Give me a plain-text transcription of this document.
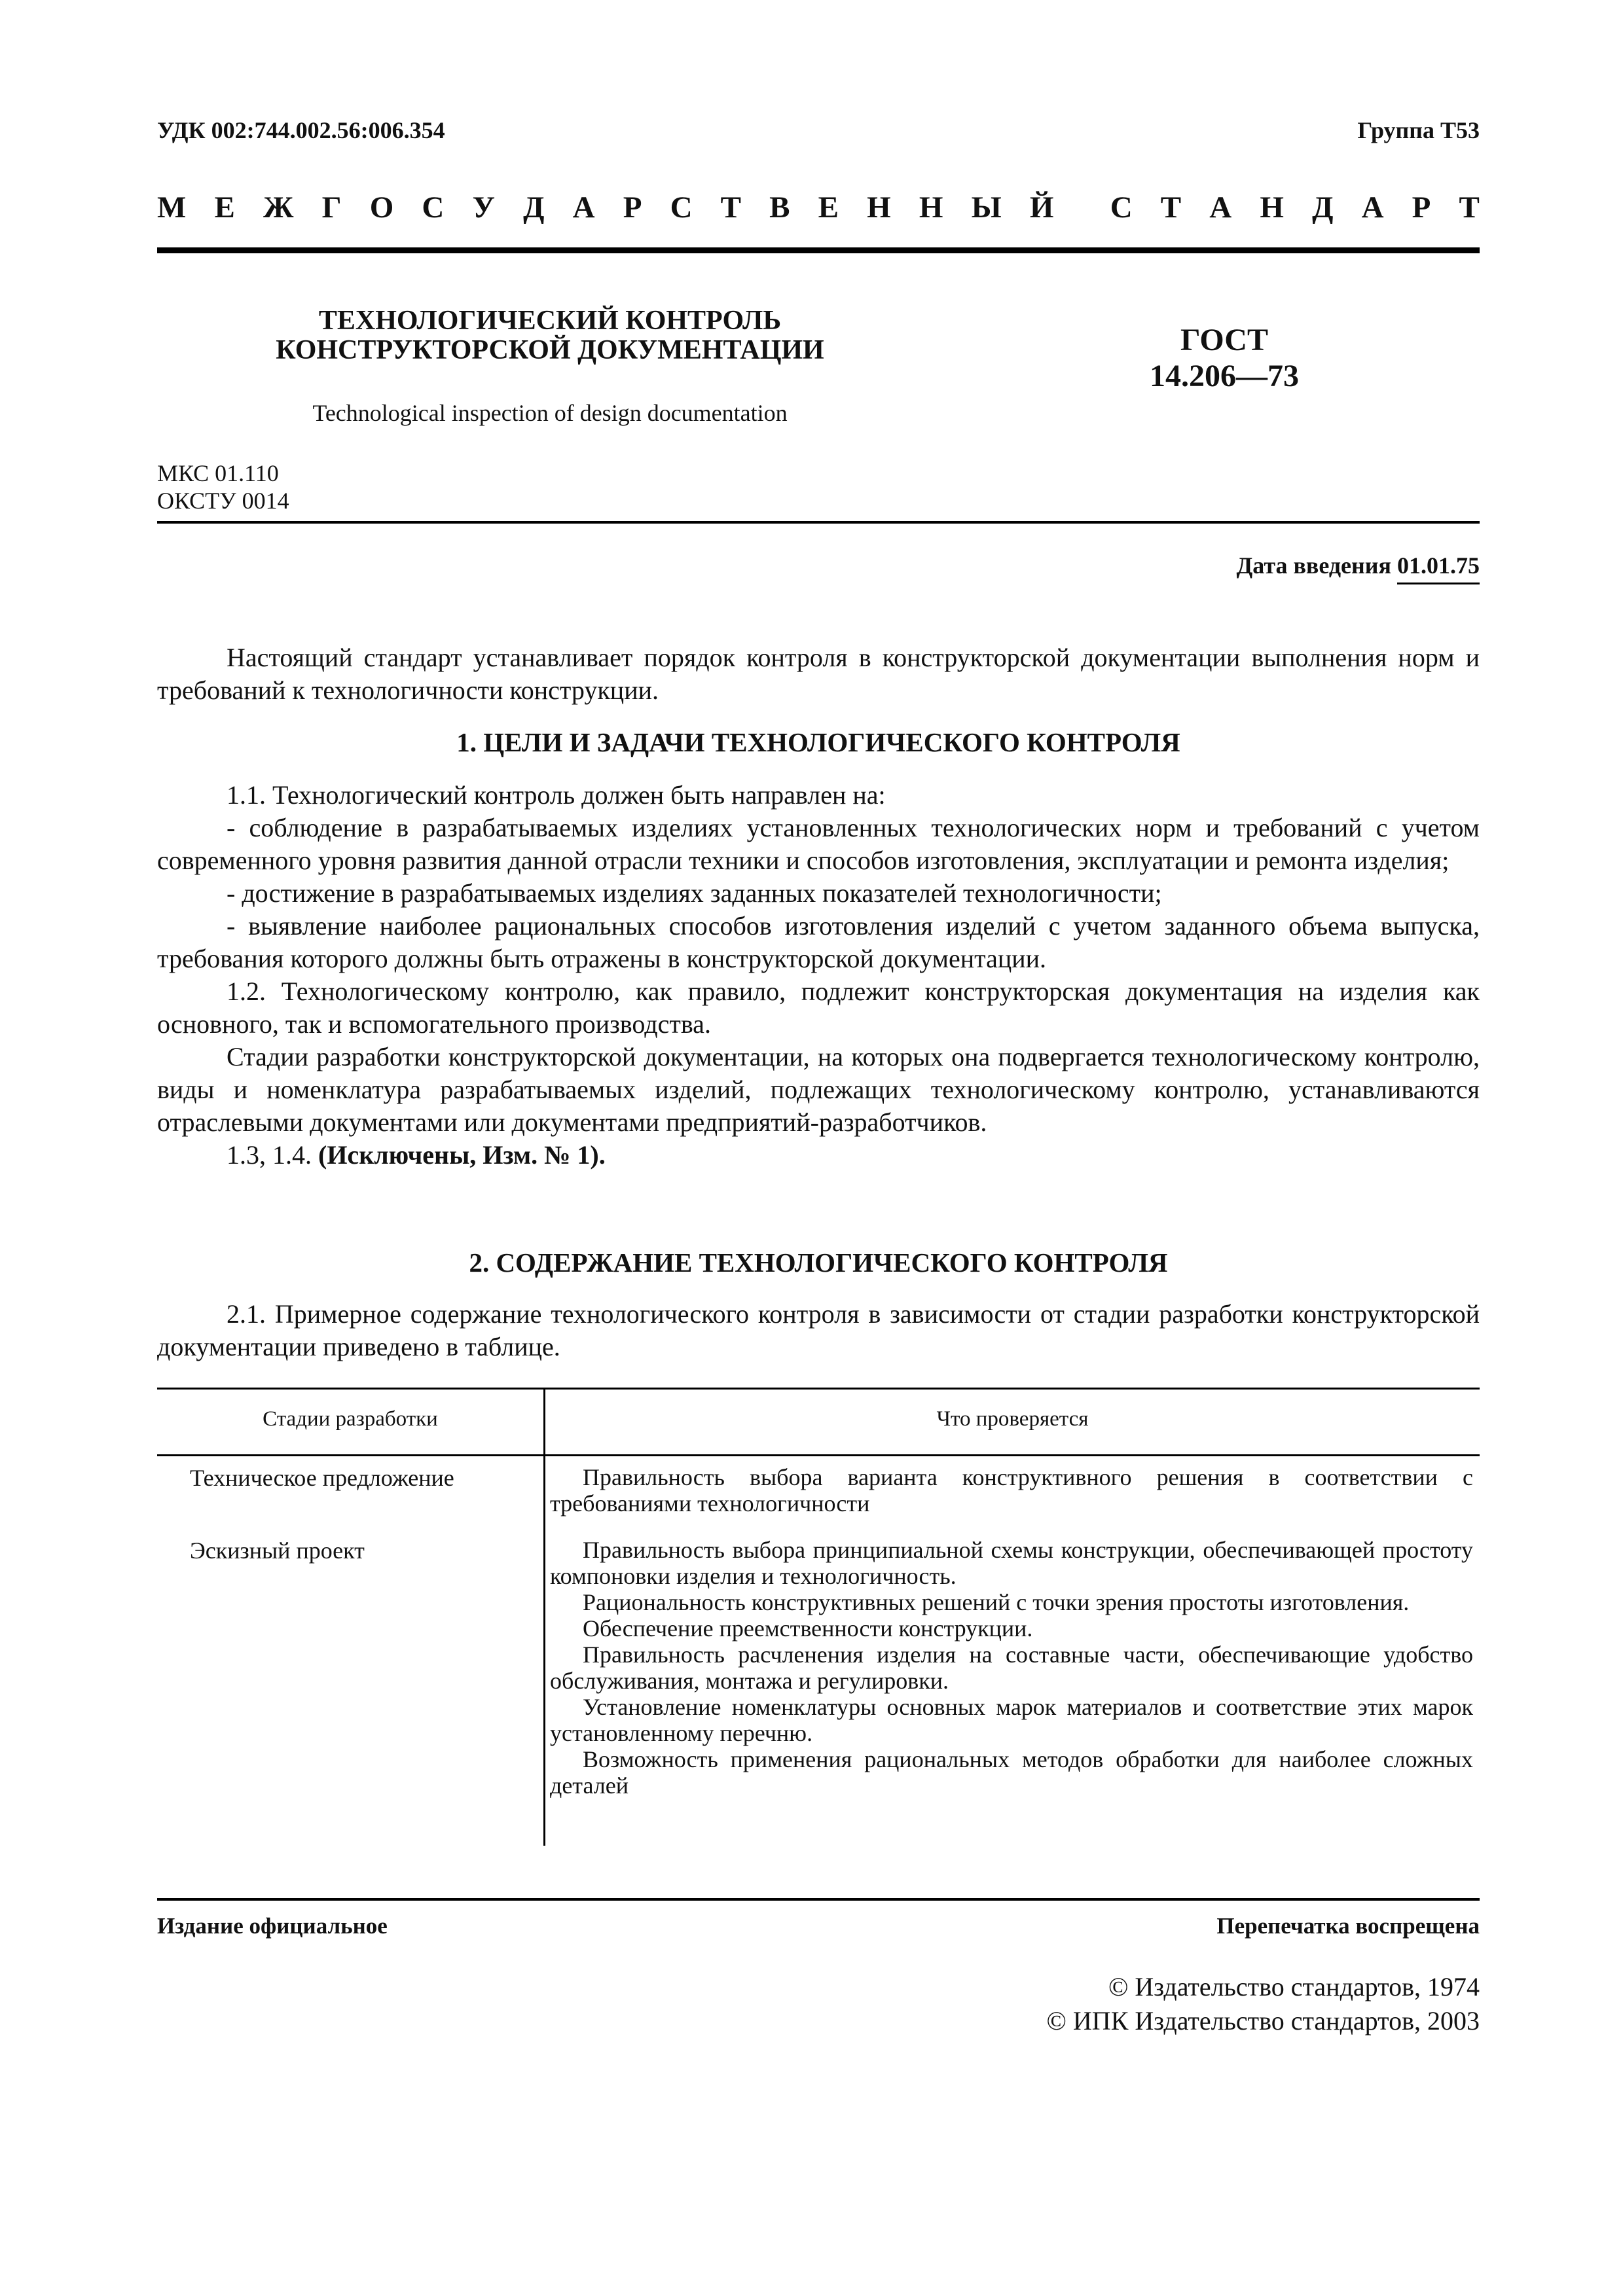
УДК 002:744.002.56:006.354	Группа Т53
М Е Ж Г О С У Д А Р С Т В Е Н Н Ы Й С Т А Н Д А Р Т
ТЕХНОЛОГИЧЕСКИЙ КОНТРОЛЬ
КОНСТРУКТОРСКОЙ ДОКУМЕНТАЦИИ
Technological inspection of design documentation
ГОСТ
14.206—73
МКС 01.110
ОКСТУ 0014
Дата введения 01.01.75

Настоящий стандарт устанавливает порядок контроля в конструкторской документации выполнения норм и требований к технологичности конструкции.

1. ЦЕЛИ И ЗАДАЧИ ТЕХНОЛОГИЧЕСКОГО КОНТРОЛЯ

1.1. Технологический контроль должен быть направлен на:

- соблюдение в разрабатываемых изделиях установленных технологических норм и требований с учетом современного уровня развития данной отрасли техники и способов изготовления, эксплуатации и ремонта изделия;

- достижение в разрабатываемых изделиях заданных показателей технологичности;

- выявление наиболее рациональных способов изготовления изделий с учетом заданного объема выпуска, требования которого должны быть отражены в конструкторской документации.

1.2. Технологическому контролю, как правило, подлежит конструкторская документация на изделия как основного, так и вспомогательного производства.

Стадии разработки конструкторской документации, на которых она подвергается технологическому контролю, виды и номенклатура разрабатываемых изделий, подлежащих технологическому контролю, устанавливаются отраслевыми документами или документами предприятий-разработчиков.

1.3, 1.4. (Исключены, Изм. № 1).

2. СОДЕРЖАНИЕ ТЕХНОЛОГИЧЕСКОГО КОНТРОЛЯ

2.1. Примерное содержание технологического контроля в зависимости от стадии разработки конструкторской документации приведено в таблице.

Стадии разработки	Что проверяется
Техническое предложение	Правильность выбора варианта конструктивного решения в соответствии с требованиями технологичности

Эскизный проект	Правильность выбора принципиальной схемы конструкции, обеспечивающей простоту компоновки изделия и технологичность.

Рациональность конструктивных решений с точки зрения простоты изготовления.

Обеспечение преемственности конструкции.

Правильность расчленения изделия на составные части, обеспечивающие удобство обслуживания, монтажа и регулировки.

Установление номенклатуры основных марок материалов и соответствие этих марок установленному перечню.

Возможность применения рациональных методов обработки для наиболее сложных деталей

Издание официальное	Перепечатка воспрещена
© Издательство стандартов, 1974
© ИПК Издательство стандартов, 2003
